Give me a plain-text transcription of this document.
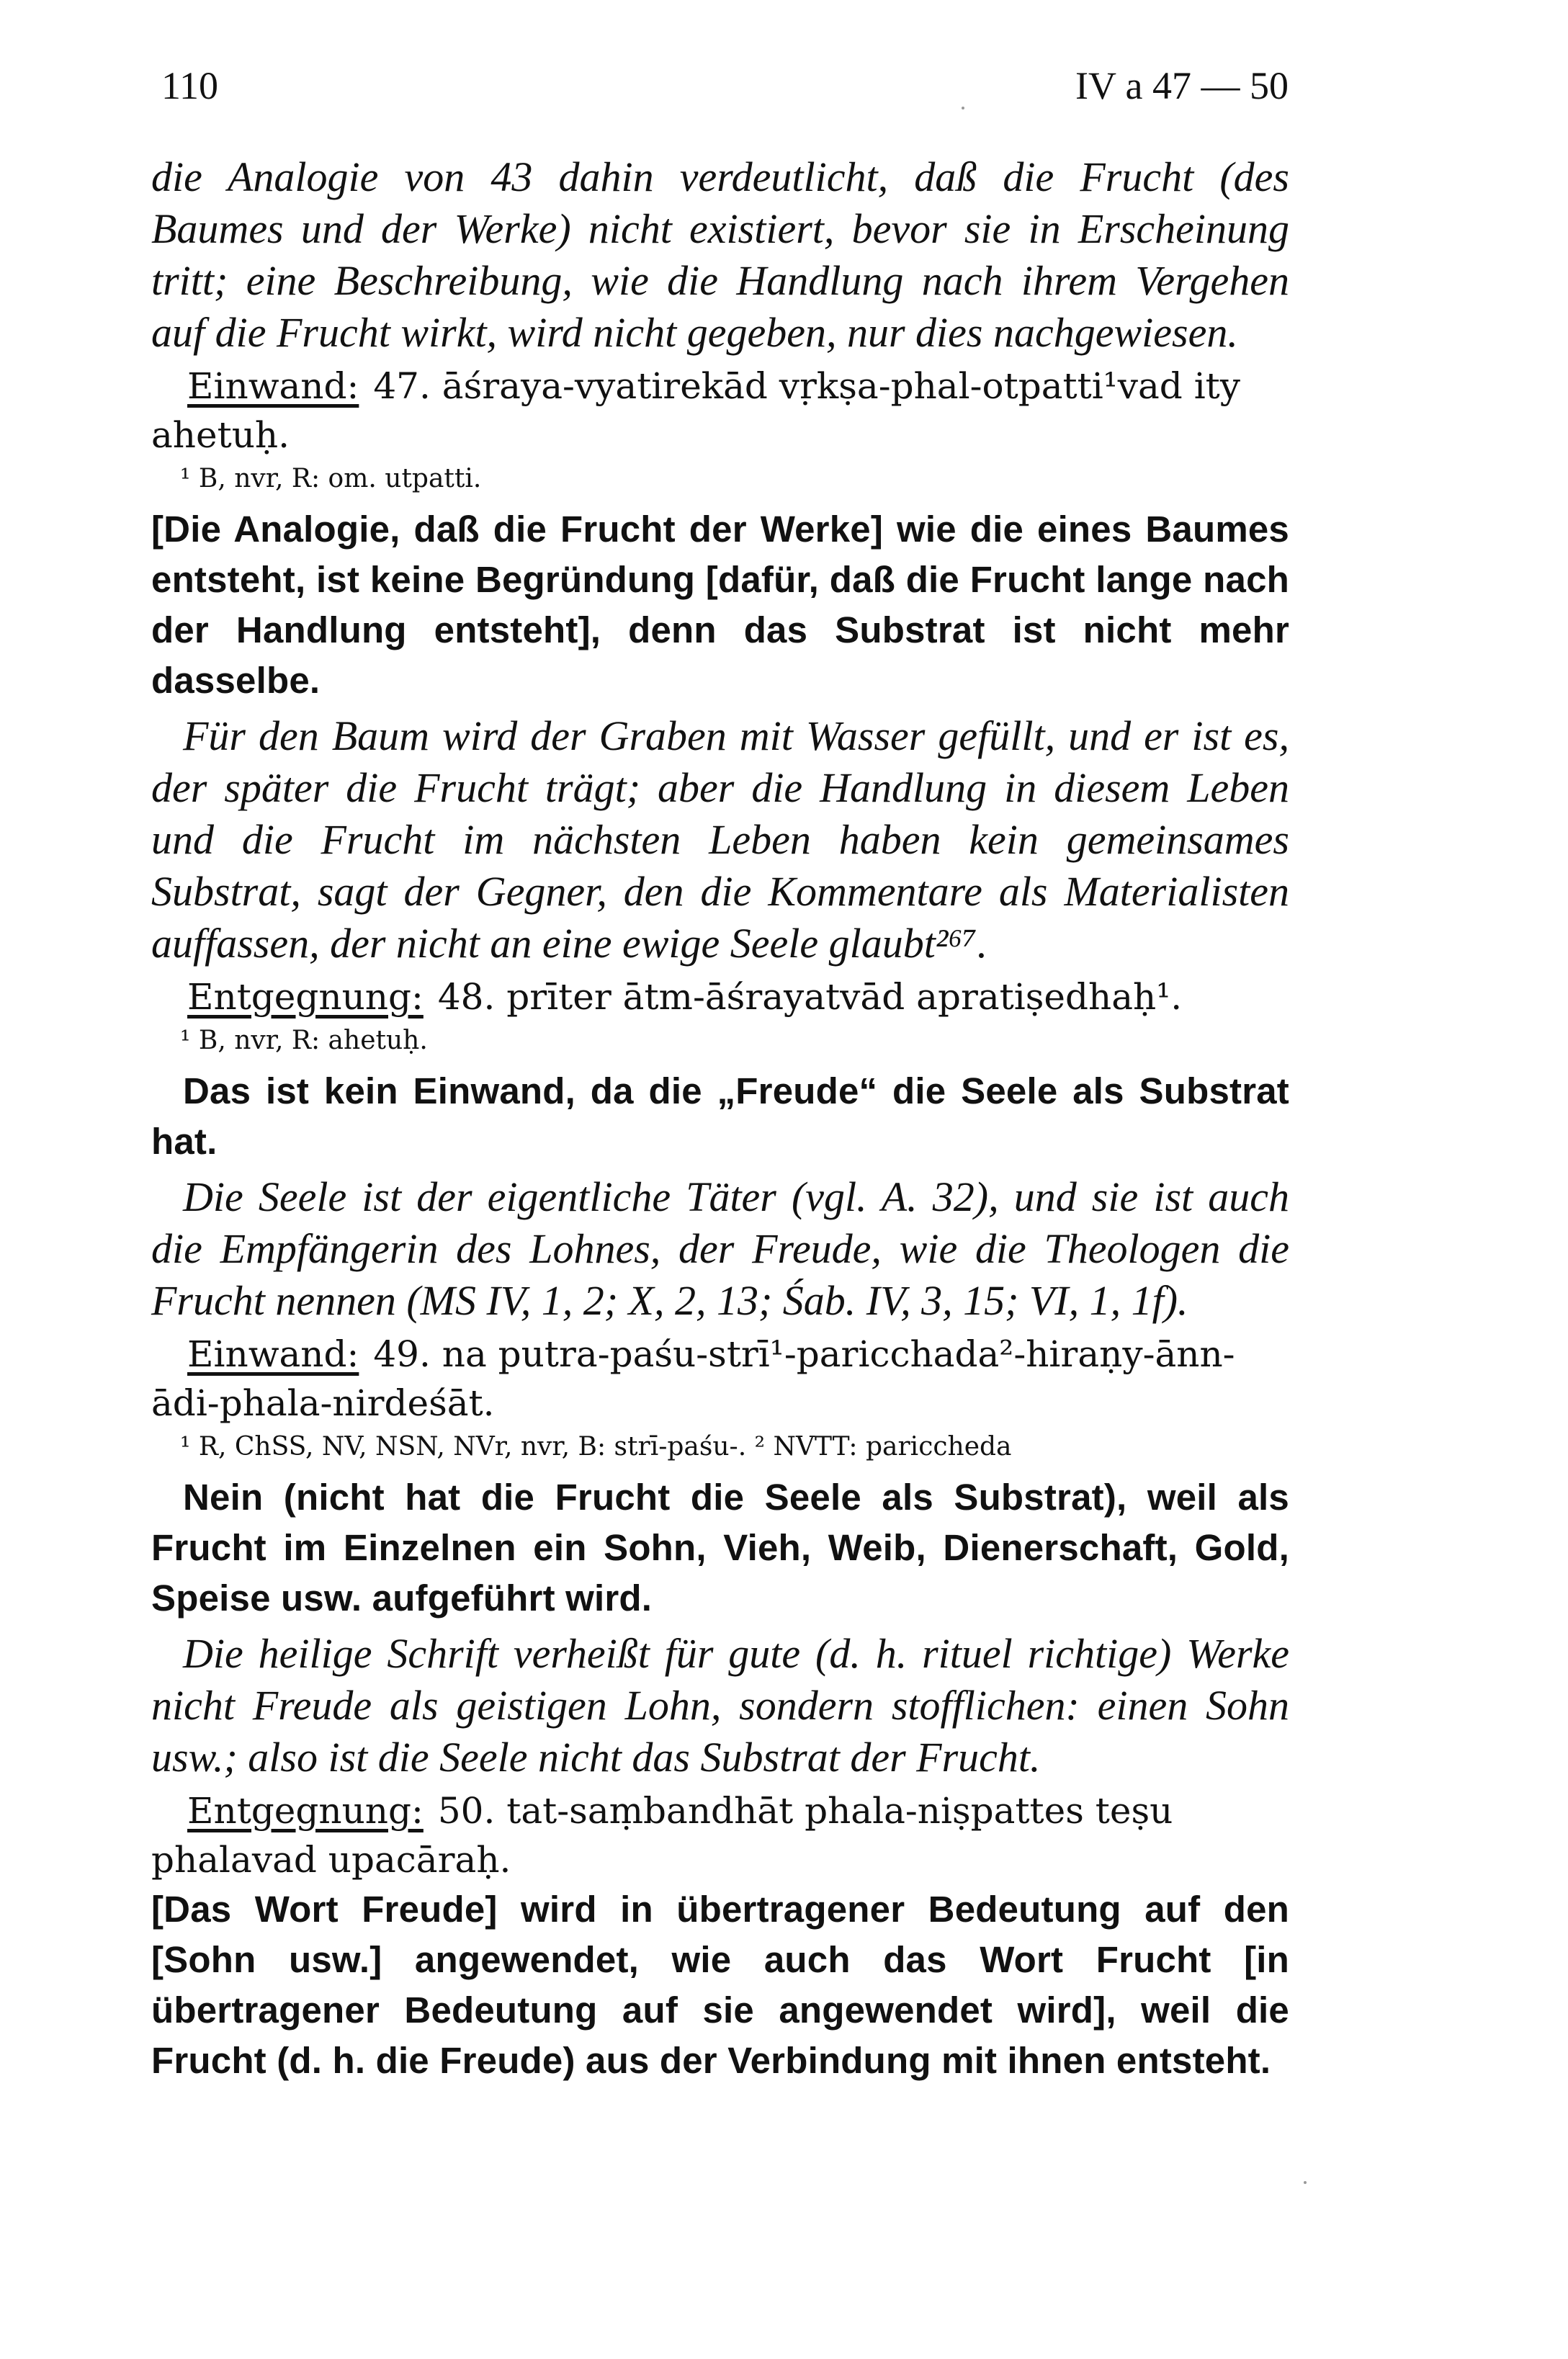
110	IV a 47 — 50

die Analogie von 43 dahin verdeutlicht, daß die Frucht (des Baumes und der Werke) nicht existiert, bevor sie in Erscheinung tritt; eine Beschreibung, wie die Handlung nach ihrem Vergehen auf die Frucht wirkt, wird nicht gegeben, nur dies nachgewiesen.

Einwand: 47. āśraya-vyatirekād vṛkṣa-phal-otpatti¹vad ity ahetuḥ.

¹ B, nvr, R: om. utpatti.

[Die Analogie, daß die Frucht der Werke] wie die eines Baumes entsteht, ist keine Begründung [dafür, daß die Frucht lange nach der Handlung entsteht], denn das Substrat ist nicht mehr dasselbe.

Für den Baum wird der Graben mit Wasser gefüllt, und er ist es, der später die Frucht trägt; aber die Handlung in diesem Leben und die Frucht im nächsten Leben haben kein gemeinsames Substrat, sagt der Gegner, den die Kommentare als Materialisten auffassen, der nicht an eine ewige Seele glaubt²⁶⁷.

Entgegnung: 48. prīter ātm-āśrayatvād apratiṣedhaḥ¹.

¹ B, nvr, R: ahetuḥ.

Das ist kein Einwand, da die „Freude“ die Seele als Substrat hat.

Die Seele ist der eigentliche Täter (vgl. A. 32), und sie ist auch die Empfängerin des Lohnes, der Freude, wie die Theologen die Frucht nennen (MS IV, 1, 2; X, 2, 13; Śab. IV, 3, 15; VI, 1, 1f).

Einwand: 49. na putra-paśu-strī¹-paricchada²-hiraṇy-ānn-ādi-phala-nirdeśāt.

¹ R, ChSS, NV, NSN, NVr, nvr, B: strī-paśu-. ² NVTT: pariccheda

Nein (nicht hat die Frucht die Seele als Substrat), weil als Frucht im Einzelnen ein Sohn, Vieh, Weib, Dienerschaft, Gold, Speise usw. aufgeführt wird.

Die heilige Schrift verheißt für gute (d. h. rituel richtige) Werke nicht Freude als geistigen Lohn, sondern stofflichen: einen Sohn usw.; also ist die Seele nicht das Substrat der Frucht.

Entgegnung: 50. tat-saṃbandhāt phala-niṣpattes teṣu phalavad upacāraḥ.

[Das Wort Freude] wird in übertragener Bedeutung auf den [Sohn usw.] angewendet, wie auch das Wort Frucht [in übertragener Bedeutung auf sie angewendet wird], weil die Frucht (d. h. die Freude) aus der Verbindung mit ihnen entsteht.
